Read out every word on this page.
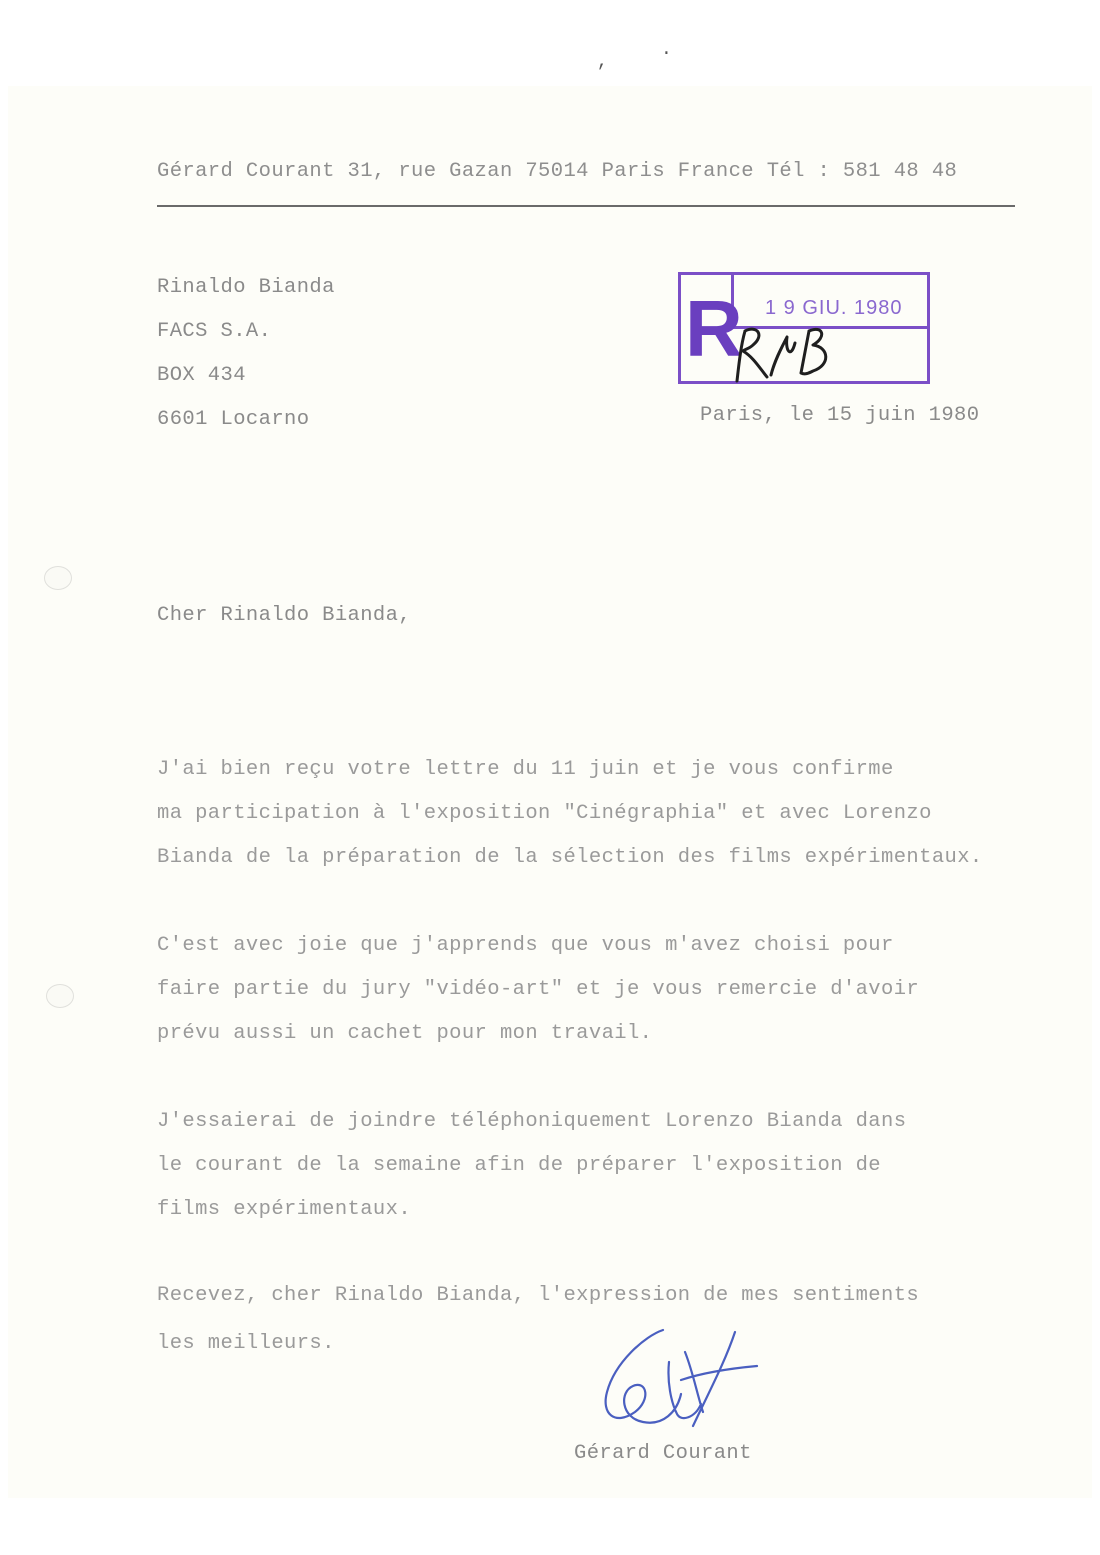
,
.
Gérard Courant 31, rue Gazan 75014 Paris France Tél : 581 48 48
Rinaldo Bianda
FACS S.A.
BOX 434
6601 Locarno
R 1 9 GIU. 1980
Paris, le 15 juin 1980
Cher Rinaldo Bianda,
J'ai bien reçu votre lettre du 11 juin et je vous confirme
ma participation à l'exposition "Cinégraphia" et avec Lorenzo
Bianda de la préparation de la sélection des films expérimentaux.
C'est avec joie que j'apprends que vous m'avez choisi pour
faire partie du jury "vidéo-art" et je vous remercie d'avoir
prévu aussi un cachet pour mon travail.
J'essaierai de joindre téléphoniquement Lorenzo Bianda dans
le courant de la semaine afin de préparer l'exposition de
films expérimentaux.
Recevez, cher Rinaldo Bianda, l'expression de mes sentiments
les meilleurs.
Gérard Courant
